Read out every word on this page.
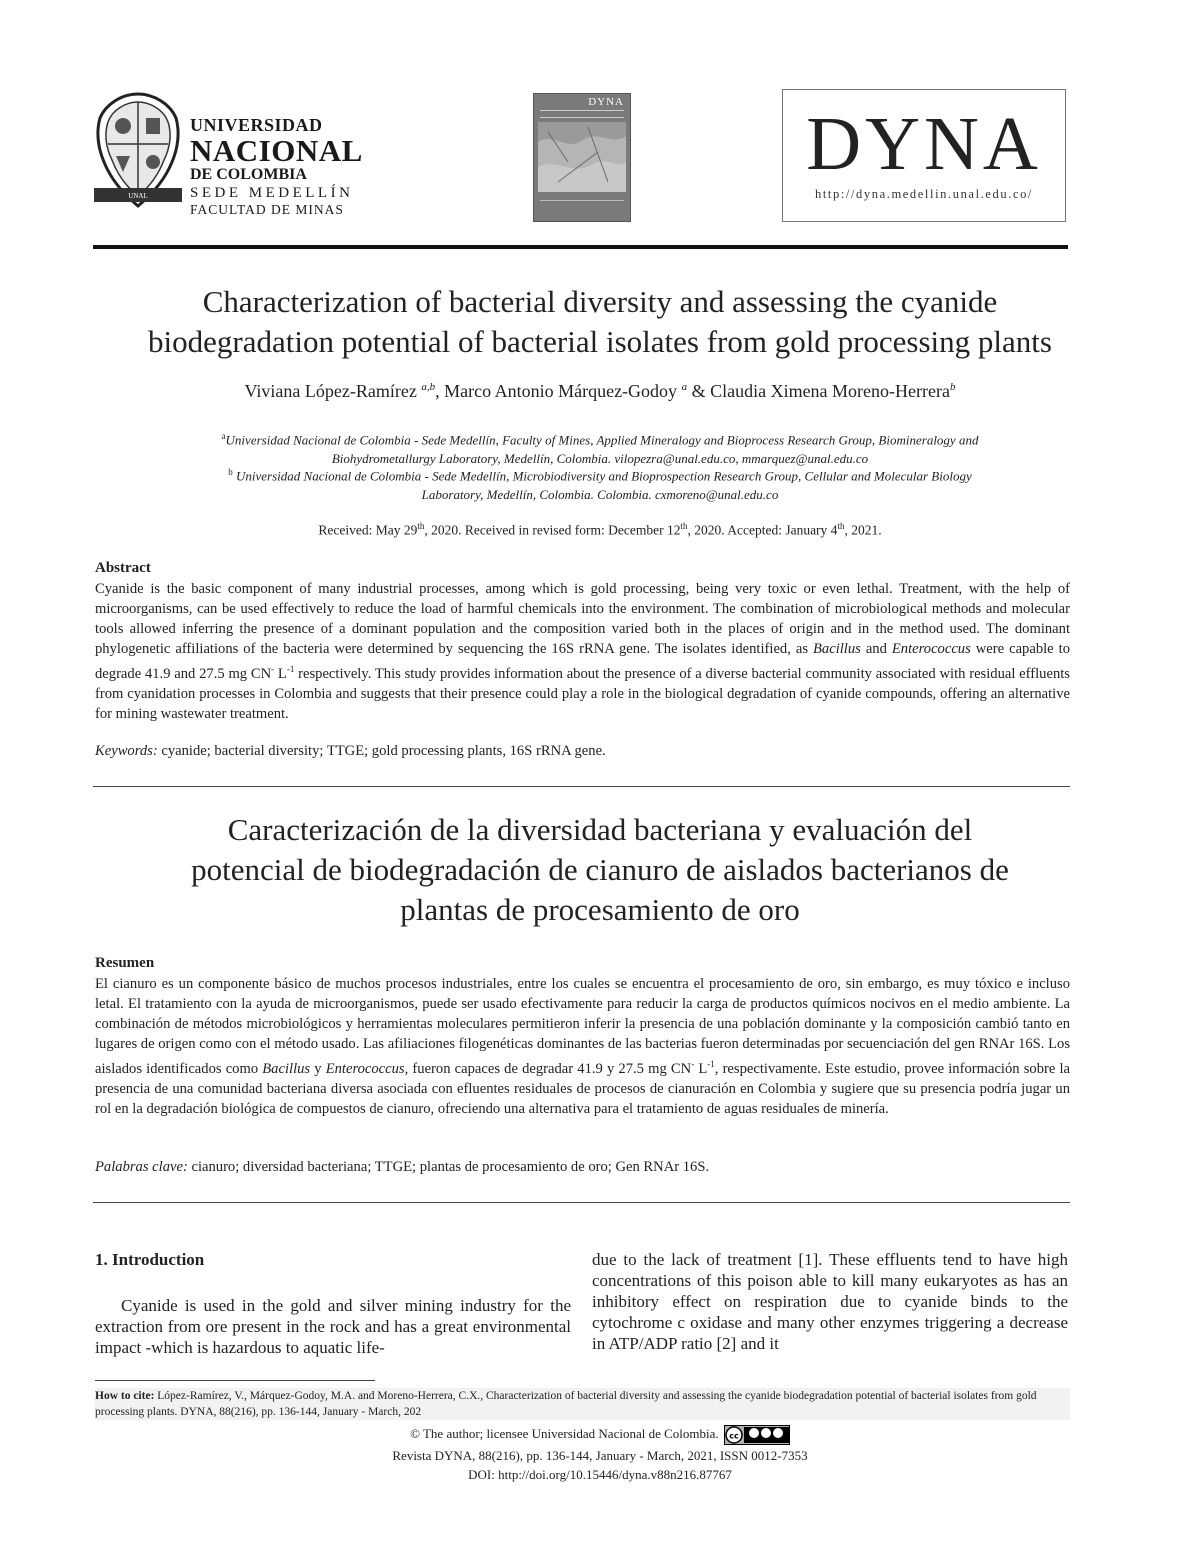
UNAL
UNIVERSIDAD
NACIONAL
DE COLOMBIA
SEDE MEDELLÍN
FACULTAD DE MINAS
DYNA	DYNA
http://dyna.medellin.unal.edu.co/
Characterization of bacterial diversity and assessing the cyanide
biodegradation potential of bacterial isolates from gold processing plants
Viviana López-Ramírez $^{a,b}$, Marco Antonio Márquez-Godoy $^a$ & Claudia Ximena Moreno-Herrera$^b$
$^a$Universidad Nacional de Colombia - Sede Medellín, Faculty of Mines, Applied Mineralogy and Bioprocess Research Group, Biomineralogy and
Biohydrometallurgy Laboratory, Medellín, Colombia. vilopezra@unal.edu.co, mmarquez@unal.edu.co
$^b$ Universidad Nacional de Colombia - Sede Medellín, Microbiodiversity and Bioprospection Research Group, Cellular and Molecular Biology
Laboratory, Medellín, Colombia. Colombia. cxmoreno@unal.edu.co
Received: May 29th, 2020. Received in revised form: December 12th, 2020. Accepted: January 4th, 2021.
Abstract

Cyanide is the basic component of many industrial processes, among which is gold processing, being very toxic or even lethal. Treatment, with the help of microorganisms, can be used effectively to reduce the load of harmful chemicals into the environment. The combination of microbiological methods and molecular tools allowed inferring the presence of a dominant population and the composition varied both in the places of origin and in the method used. The dominant phylogenetic affiliations of the bacteria were determined by sequencing the 16S rRNA gene. The isolates identified, as Bacillus and Enterococcus were capable to degrade 41.9 and 27.5 mg CN- $L^{-1}$ respectively. This study provides information about the presence of a diverse bacterial community associated with residual effluents from cyanidation processes in Colombia and suggests that their presence could play a role in the biological degradation of cyanide compounds, offering an alternative for mining wastewater treatment.

Keywords: cyanide; bacterial diversity; TTGE; gold processing plants, 16S rRNA gene.
Caracterización de la diversidad bacteriana y evaluación del
potencial de biodegradación de cianuro de aislados bacterianos de
plantas de procesamiento de oro
Resumen

El cianuro es un componente básico de muchos procesos industriales, entre los cuales se encuentra el procesamiento de oro, sin embargo, es muy tóxico e incluso letal. El tratamiento con la ayuda de microorganismos, puede ser usado efectivamente para reducir la carga de productos químicos nocivos en el medio ambiente. La combinación de métodos microbiológicos y herramientas moleculares permitieron inferir la presencia de una población dominante y la composición cambió tanto en lugares de origen como con el método usado. Las afiliaciones filogenéticas dominantes de las bacterias fueron determinadas por secuenciación del gen RNAr 16S. Los aislados identificados como Bacillus y Enterococcus, fueron capaces de degradar 41.9 y 27.5 mg CN- $L^{-1}$, respectivamente. Este estudio, provee información sobre la presencia de una comunidad bacteriana diversa asociada con efluentes residuales de procesos de cianuración en Colombia y sugiere que su presencia podría jugar un rol en la degradación biológica de compuestos de cianuro, ofreciendo una alternativa para el tratamiento de aguas residuales de minería.

Palabras clave: cianuro; diversidad bacteriana; TTGE; plantas de procesamiento de oro; Gen RNAr 16S.
1. Introduction
Cyanide is used in the gold and silver mining industry for the extraction from ore present in the rock and has a great environmental impact -which is hazardous to aquatic life-
due to the lack of treatment [1]. These effluents tend to have high concentrations of this poison able to kill many eukaryotes as has an inhibitory effect on respiration due to cyanide binds to the cytochrome c oxidase and many other enzymes triggering a decrease in ATP/ADP ratio [2] and it
How to cite: López-Ramírez, V., Márquez-Godoy, M.A. and Moreno-Herrera, C.X., Characterization of bacterial diversity and assessing the cyanide biodegradation potential of bacterial isolates from gold processing plants. DYNA, 88(216), pp. 136-144, January - March, 202
© The author; licensee Universidad Nacional de Colombia. cc
Revista DYNA, 88(216), pp. 136-144, January - March, 2021, ISSN 0012-7353
DOI: http://doi.org/10.15446/dyna.v88n216.87767
